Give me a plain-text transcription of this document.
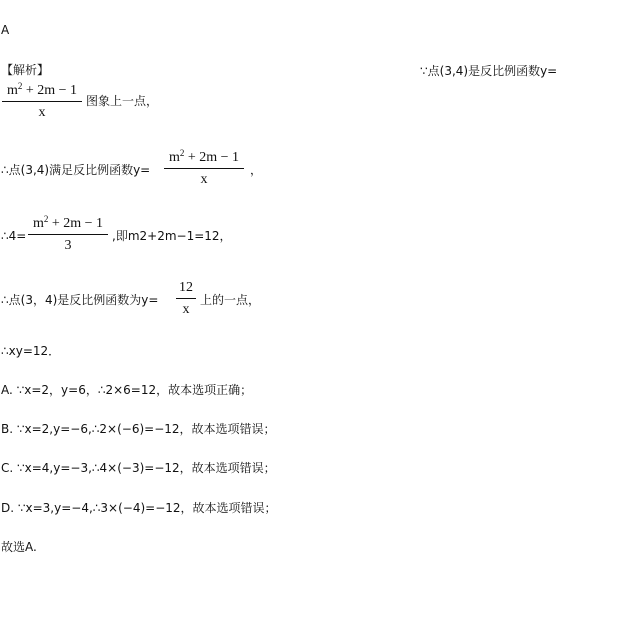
A
【解析】	∵点(3,4)是反比例函数y=
$m^2 + 2m - 1$
x
图象上一点，
∴点(3,4)满足反比例函数y=
$m^2 + 2m - 1$
x
，
∴4=
$m^2 + 2m - 1$
3
,即m2+2m−1=12，
∴点(3，4)是反比例函数为y=
12
x
上的一点，
∴xy=12．
A. ∵x=2，y=6，∴2×6=12，故本选项正确；
B. ∵x=2,y=−6,∴2×(−6)=−12，故本选项错误；
C. ∵x=4,y=−3,∴4×(−3)=−12，故本选项错误；
D. ∵x=3,y=−4,∴3×(−4)=−12，故本选项错误；
故选A.
